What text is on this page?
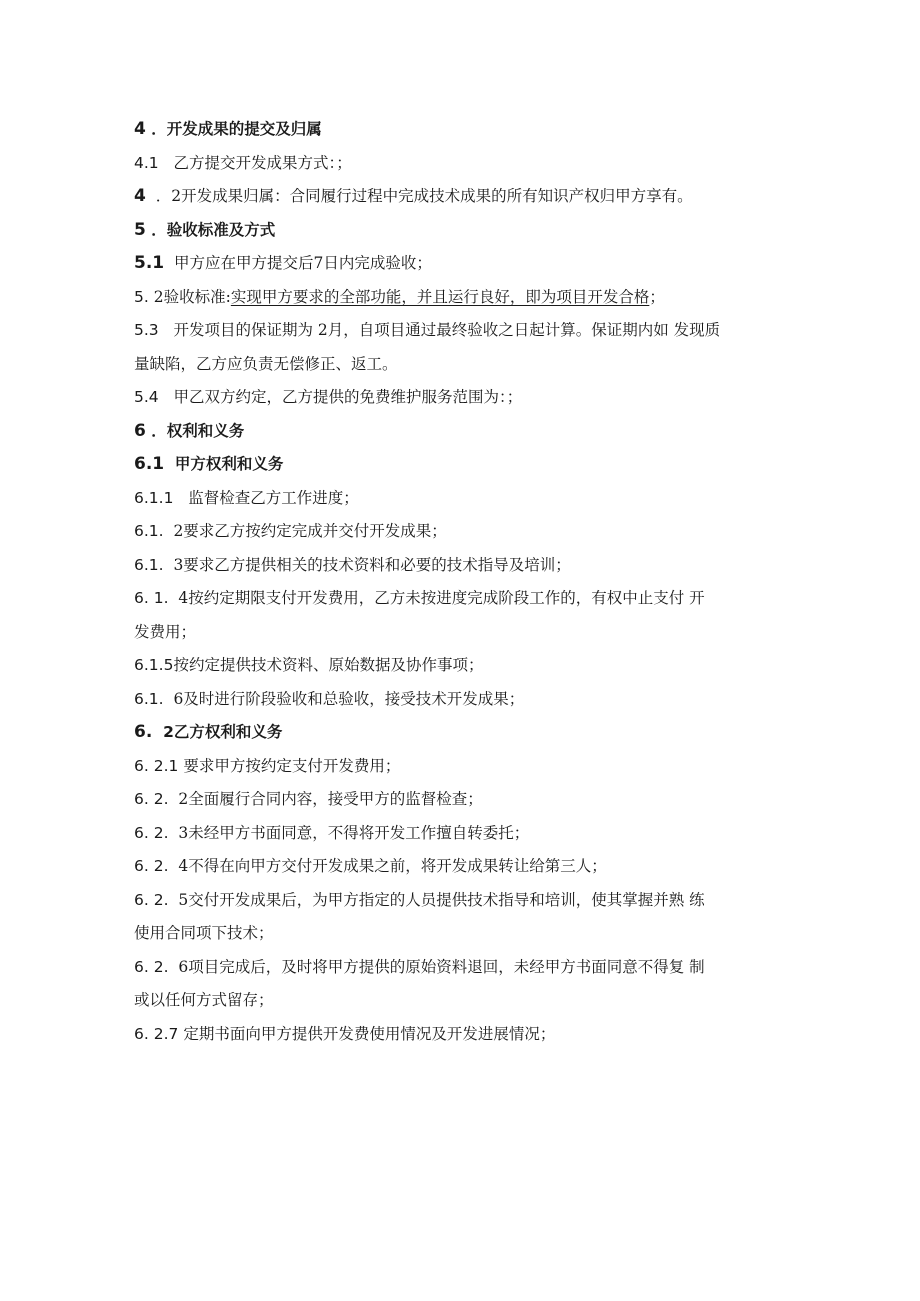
4 ．开发成果的提交及归属
4.1 乙方提交开发成果方式：；
4 ．2开发成果归属：合同履行过程中完成技术成果的所有知识产权归甲方享有。
5 ．验收标准及方式
5.1 甲方应在甲方提交后7日内完成验收；
5. 2验收标准:实现甲方要求的全部功能，并且运行良好，即为项目开发合格；
5.3 开发项目的保证期为 2月，自项目通过最终验收之日起计算。保证期内如 发现质
量缺陷，乙方应负责无偿修正、返工。
5.4 甲乙双方约定，乙方提供的免费维护服务范围为：；
6 ．权利和义务
6.1 甲方权利和义务
6.1.1 监督检查乙方工作进度；
6.1. 2要求乙方按约定完成并交付开发成果；
6.1. 3要求乙方提供相关的技术资料和必要的技术指导及培训；
6. 1. 4按约定期限支付开发费用，乙方未按进度完成阶段工作的，有权中止支付 开
发费用；
6.1.5按约定提供技术资料、原始数据及协作事项；
6.1. 6及时进行阶段验收和总验收，接受技术开发成果；
6. 2乙方权利和义务
6. 2.1 要求甲方按约定支付开发费用；
6. 2. 2全面履行合同内容，接受甲方的监督检查；
6. 2. 3未经甲方书面同意，不得将开发工作擅自转委托；
6. 2. 4不得在向甲方交付开发成果之前，将开发成果转让给第三人；
6. 2. 5交付开发成果后，为甲方指定的人员提供技术指导和培训，使其掌握并熟 练
使用合同项下技术；
6. 2. 6项目完成后，及时将甲方提供的原始资料退回，未经甲方书面同意不得复 制
或以任何方式留存；
6. 2.7 定期书面向甲方提供开发费使用情况及开发进展情况；
